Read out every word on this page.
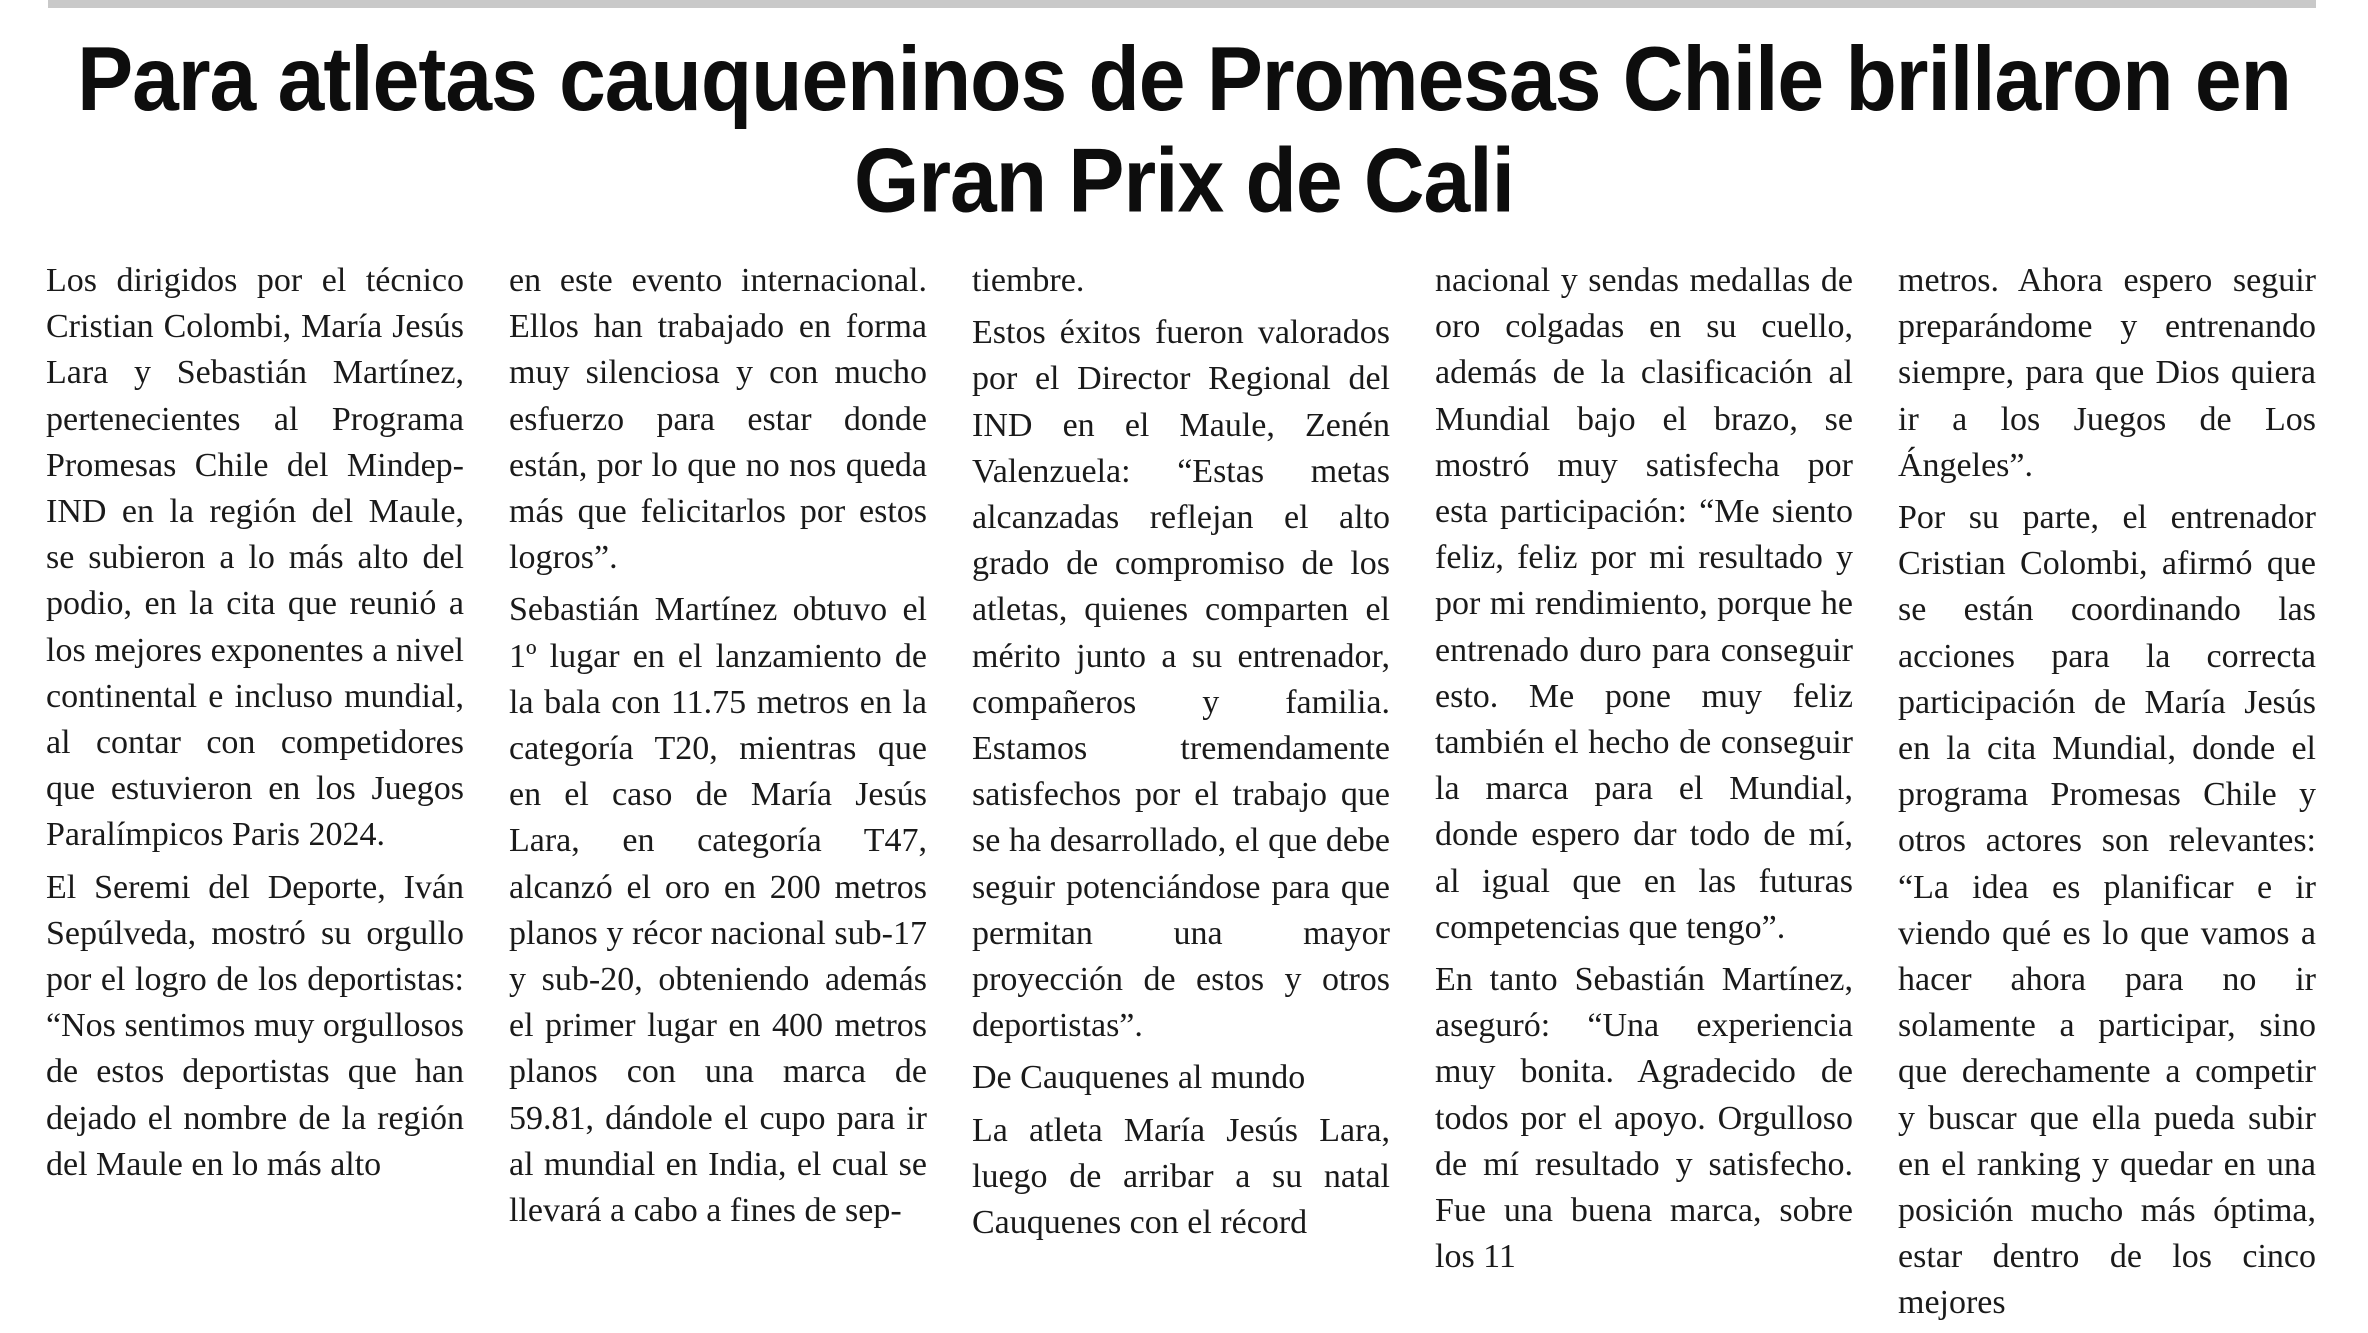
Para atletas cauqueninos de Promesas Chile brillaron en Gran Prix de Cali

Los dirigidos por el técnico Cristian Colombi, María Jesús Lara y Sebastián Martínez, pertenecientes al Programa Promesas Chile del Mindep-IND en la región del Maule, se subieron a lo más alto del podio, en la cita que reunió a los mejores exponentes a nivel continental e incluso mundial, al contar con competidores que estuvieron en los Juegos Paralímpicos Paris 2024.

El Seremi del Deporte, Iván Sepúlveda, mostró su orgullo por el logro de los deportistas: “Nos sentimos muy orgullosos de estos deportistas que han dejado el nombre de la región del Maule en lo más alto

en este evento internacional. Ellos han trabajado en forma muy silenciosa y con mucho esfuerzo para estar donde están, por lo que no nos queda más que felicitarlos por estos logros”.

Sebastián Martínez obtuvo el 1º lugar en el lanzamiento de la bala con 11.75 metros en la categoría T20, mientras que en el caso de María Jesús Lara, en categoría T47, alcanzó el oro en 200 metros planos y récor nacional sub-17 y sub-20, obteniendo además el primer lugar en 400 metros planos con una marca de 59.81, dándole el cupo para ir al mundial en India, el cual se llevará a cabo a fines de sep-

tiembre.

Estos éxitos fueron valorados por el Director Regional del IND en el Maule, Zenén Valenzuela: “Estas metas alcanzadas reflejan el alto grado de compromiso de los atletas, quienes comparten el mérito junto a su entrenador, compañeros y familia. Estamos tremendamente satisfechos por el trabajo que se ha desarrollado, el que debe seguir potenciándose para que permitan una mayor proyección de estos y otros deportistas”.

De Cauquenes al mundo

La atleta María Jesús Lara, luego de arribar a su natal Cauquenes con el récord

nacional y sendas medallas de oro colgadas en su cuello, además de la clasificación al Mundial bajo el brazo, se mostró muy satisfecha por esta participación: “Me siento feliz, feliz por mi resultado y por mi rendimiento, porque he entrenado duro para conseguir esto. Me pone muy feliz también el hecho de conseguir la marca para el Mundial, donde espero dar todo de mí, al igual que en las futuras competencias que tengo”.

En tanto Sebastián Martínez, aseguró: “Una experiencia muy bonita. Agradecido de todos por el apoyo. Orgulloso de mí resultado y satisfecho. Fue una buena marca, sobre los 11

metros. Ahora espero seguir preparándome y entrenando siempre, para que Dios quiera ir a los Juegos de Los Ángeles”.

Por su parte, el entrenador Cristian Colombi, afirmó que se están coordinando las acciones para la correcta participación de María Jesús en la cita Mundial, donde el programa Promesas Chile y otros actores son relevantes: “La idea es planificar e ir viendo qué es lo que vamos a hacer ahora para no ir solamente a participar, sino que derechamente a competir y buscar que ella pueda subir en el ranking y quedar en una posición mucho más óptima, estar dentro de los cinco mejores
